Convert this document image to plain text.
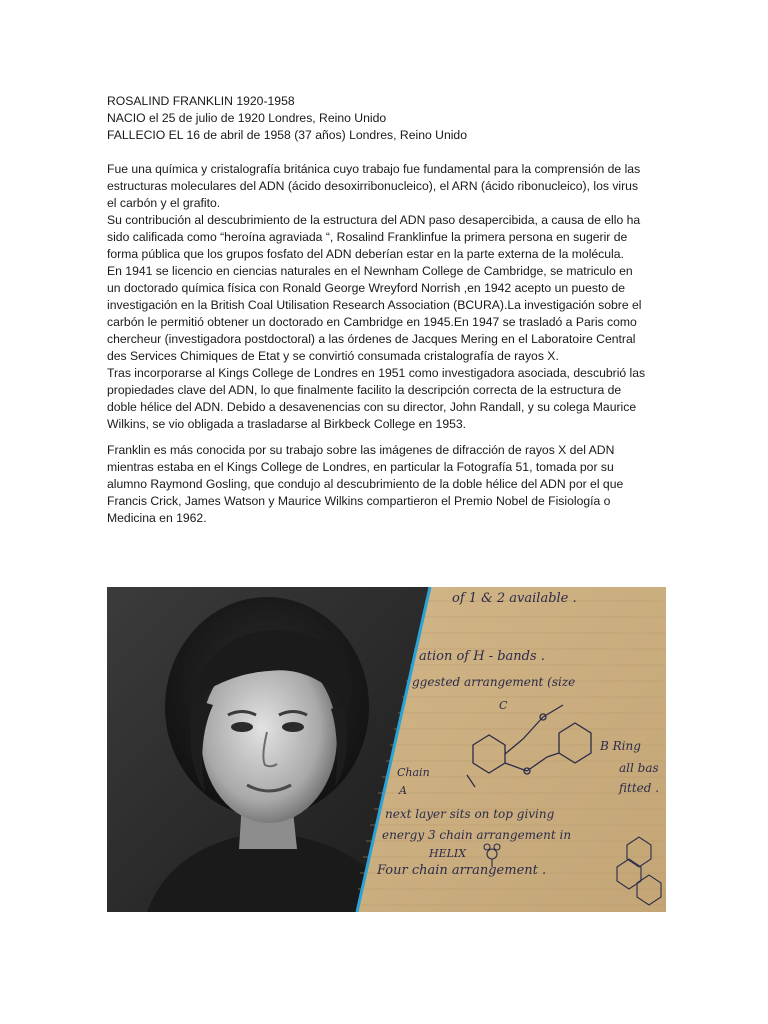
ROSALIND FRANKLIN 1920-1958
NACIO el 25 de julio de 1920 Londres, Reino Unido
FALLECIO EL 16 de abril de 1958 (37 años) Londres, Reino Unido
Fue una química y cristalografía británica cuyo trabajo fue fundamental para la comprensión de las
estructuras moleculares del ADN (ácido desoxirribonucleico), el ARN (ácido ribonucleico), los virus
el carbón y el grafito.
Su contribución al descubrimiento de la estructura del ADN paso desapercibida, a causa de ello ha
sido calificada como “heroína agraviada “, Rosalind Franklinfue la primera persona en sugerir de
forma pública que los grupos fosfato del ADN deberían estar en la parte externa de la molécula.
En 1941 se licencio en ciencias naturales en el Newnham College de Cambridge, se matriculo en
un doctorado química física con Ronald George Wreyford Norrish ,en 1942 acepto un puesto de
investigación en la British Coal Utilisation Research Association (BCURA).La investigación sobre el
carbón le permitió obtener un doctorado en Cambridge en 1945.En 1947 se trasladó a Paris como
chercheur (investigadora postdoctoral) a las órdenes de Jacques Mering en el Laboratoire Central
des Services Chimiques de Etat y se convirtió consumada cristalografía de rayos X.
Tras incorporarse al Kings College de Londres en 1951 como investigadora asociada, descubrió las
propiedades clave del ADN, lo que finalmente facilito la descripción correcta de la estructura de
doble hélice del ADN. Debido a desavenencias con su director, John Randall, y su colega Maurice
Wilkins, se vio obligada a trasladarse al Birkbeck College en 1953.
Franklin es más conocida por su trabajo sobre las imágenes de difracción de rayos X del ADN
mientras estaba en el Kings College de Londres, en particular la Fotografía 51, tomada por su
alumno Raymond Gosling, que condujo al descubrimiento de la doble hélice del ADN por el que
Francis Crick, James Watson y Maurice Wilkins compartieron el Premio Nobel de Fisiología o
Medicina en 1962.
of 1 & 2 available .
ation of H - bands .
ggested arrangement (size
C
B Ring
Chain	all bas
A	fitted .
next layer sits on top giving
energy 3 chain arrangement in
HELIX
Four chain arrangement .
